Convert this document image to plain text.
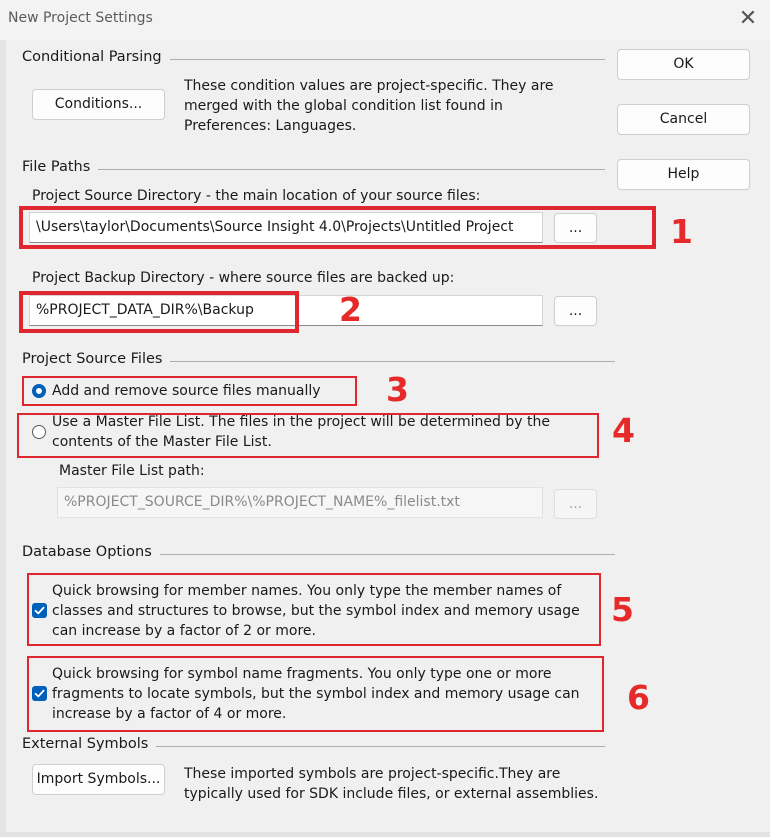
New Project Settings	✕
OK
Cancel
Help
Conditional Parsing
Conditions...
These condition values are project-specific. They are
merged with the global condition list found in
Preferences: Languages.
File Paths
Project Source Directory - the main location of your source files:
\Users\taylor\Documents\Source Insight 4.0\Projects\Untitled Project	...
Project Backup Directory - where source files are backed up:
%PROJECT_DATA_DIR%\Backup	...
Project Source Files
Add and remove source files manually
Use a Master File List. The files in the project will be determined by the
contents of the Master File List.
Master File List path:
%PROJECT_SOURCE_DIR%\%PROJECT_NAME%_filelist.txt	...
Database Options
Quick browsing for member names. You only type the member names of
classes and structures to browse, but the symbol index and memory usage
can increase by a factor of 2 or more.
Quick browsing for symbol name fragments. You only type one or more
fragments to locate symbols, but the symbol index and memory usage can
increase by a factor of 4 or more.
External Symbols
Import Symbols...	These imported symbols are project-specific.They are
typically used for SDK include files, or external assemblies.
1
2
3
4
5
6
